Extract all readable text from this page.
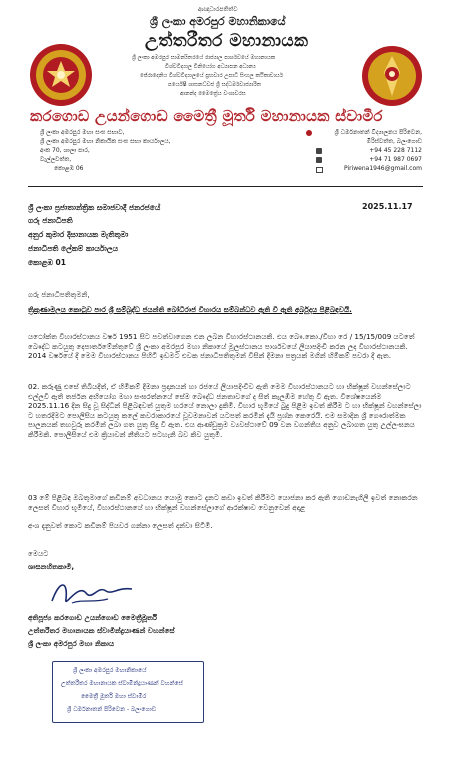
ආඥාධාරපතිත්ව
ශ්‍රී ලංකා අමරපුර මහානිකායේ
උත්තරීතර මහානායක
ශ්‍රී ලංකා අමරපුර සාමන්‍යිතරයේ රාජ්‍යාල පාර්ශවයේ මහානායක
විශ්‍වවිද්‍යාල විනියෝග අධ්‍යාපන අධාන්‍ය
ජේරාදෙනිය විශ්වවිද්‍යාලයේ ප්‍රභවාර උපාධි සිංහල කථිකාචාර්ය
පර්යේෂී ශාසනධ්වජ ශ්‍රී සද්ධර්මවාජ්‍යාරිත
ආනන්ද මෛත්‍රේය වංශාවරස
කරගොඩ උයන්ගොඩ මෛත්‍රී මූර්ති මහානායක ස්වාමීර
ශ්‍රී ලංකා අමරපුර මහා සංඝ සභාව,
ශ්‍රී ලංකා අමරපුර මහා නිකායික සංඝ සභා කාර්යාලය,
අංක 70, ශාලා පාර,
වැල්ලවත්ත,
කොළඹ 06
ශ්‍රී ධර්මනාතන් විද්‍යාලනය පිරිවෙන,
මිරිස්වත්ත, බලංගොඩ
+94 45 228 7112
+94 71 987 0697
Piriwena1946@gmail.com
ශ්‍රී ලංකා ප්‍රජාතාන්ත්‍රික සමාජවාදී ජනරජයේ	2025.11.17
ගරු ජනාධිපති
අනුර කුමාර දිසානායක මැතිතුමා
ජනාධිපති ලේකම් කාර්යාලය
කොළඹ 01
ගරු ජනාධිපතිතුමනි,
ත්‍රිකුණාමලය කොටුව පාර ශ්‍රී සම්බුද්ධ ජයන්ති බෝධිරාජ විහාරය සම්බන්ධව ඇති වී ඇති අර්බුදය පිළිබඳවයි.
යථෝක්ත විහාරස්ථානය වර්ෂ 1951 සිට පවත්වාගෙන එන ලබන විහාරස්ථානයකි. එය බෞ.කො./විහා රෙ / 15/15/009 යටතේ බෞද්ධ කටයුතු දෙපාර්තමේන්තුවේ ශ්‍රී ලංකා අමරපුර මහා නිකායේ මූලස්ථානය පාර්ශවයේ ලියාපදිංචි කරන ලද විහාරස්ථානයකි. 2014 වර්ෂයේ දී මෙම විහාරස්ථානය පිහිටි ඉඩමට එවක ජනාධිපතිතුමන් විසින් දීමනා පත්‍රයක් මගින් හිමිකම් පවරා දී ඇත.
02. කරුණු එසේ තිබියදීත්, ඒ හිමිකම් දීමනා ප්‍රදානයන් හා රජයේ ලියාපදිංචිව ඇති මෙම විහාරස්ථානයට හා භික්ෂූන් වහන්සේලාට එල්ලවී ඇති තර්ජන අභියෝග මහා සංඝරත්නයේ සේම බෞද්ධ ජනතාවගේ ද සිත් කැලඹීම හේතු වී ඇත. විශේෂයෙන්ම 2025.11.16 දින සිදු වූ සිද්ධීන් පිළිබඳවත් යුතුම හරයේ නොලා දුකිමි. විහාර භූමියේ බුදු පිළිම ඉවත් කිරීම ට හා භික්ෂූන් වහන්සේලා ට හතරදීමට පොලිසිය කටයුතු කලේ කවරාකාරයේ වූවමනාවන් යටපත් කරමින් දැයි ප්‍රශ්න කෙරෙයි. එම සමාදින ශ්‍රී ගෞරාත්මක පාලනයක් තහවුරු කරමින් ලබා ගත යුතු සිදු වී ඇත. එය ආණ්ඩුක්‍රම ව්‍යවස්ථාවේ 09 වන වගන්තිය අනුව ලබාගත යුතු උල්ලංඝනය කිරීමකි. පොලිසියේ එම ක්‍රියාවන් නීතියට පටහැනි බව කිව යුතුමි.
03 මේ පිළිබඳ ඔබතුමාගේ කඩිනම් අවධානය යොමු කොට දැනට කඩා ඉවත් කිරීමට යොජනා කර ඇති ගොඩනැගිලි ඉවත් නොකරන ලෙසත් විහාර භූමියේ, විහාරස්ථානයේ හා භික්ෂූන් වහන්සේලාගේ ආරක්ෂාව වෙනුවෙන් අදාළ
අංශ දැනුවත් කොට කඩිනම් පියවර ගන්නා ලෙසත් දන්වා සිටිමි.
මෙයට
ශාසනහිතකාමී,
අතිපූජ්‍ය කරගොඩ උයන්ගොඩ මෛත්‍රීමූර්ති
උත්තරීතර මහානායක ස්වාමීන්ද්‍රයාණන් වහන්සේ
ශ්‍රී ලංකා අමරපුර මහා නිකාය
ශ්‍රී ලංකා අමරපුර මහානිකායේ
උත්තරීතර මහානායක ස්වාමීන්ද්‍රයාණන් වහන්සේ
මෛත්‍රී මූර්ති මහා ස්වාමීර
ශ්‍රී ධර්මනාතන් පිරිවෙන - බලංගොඩ
